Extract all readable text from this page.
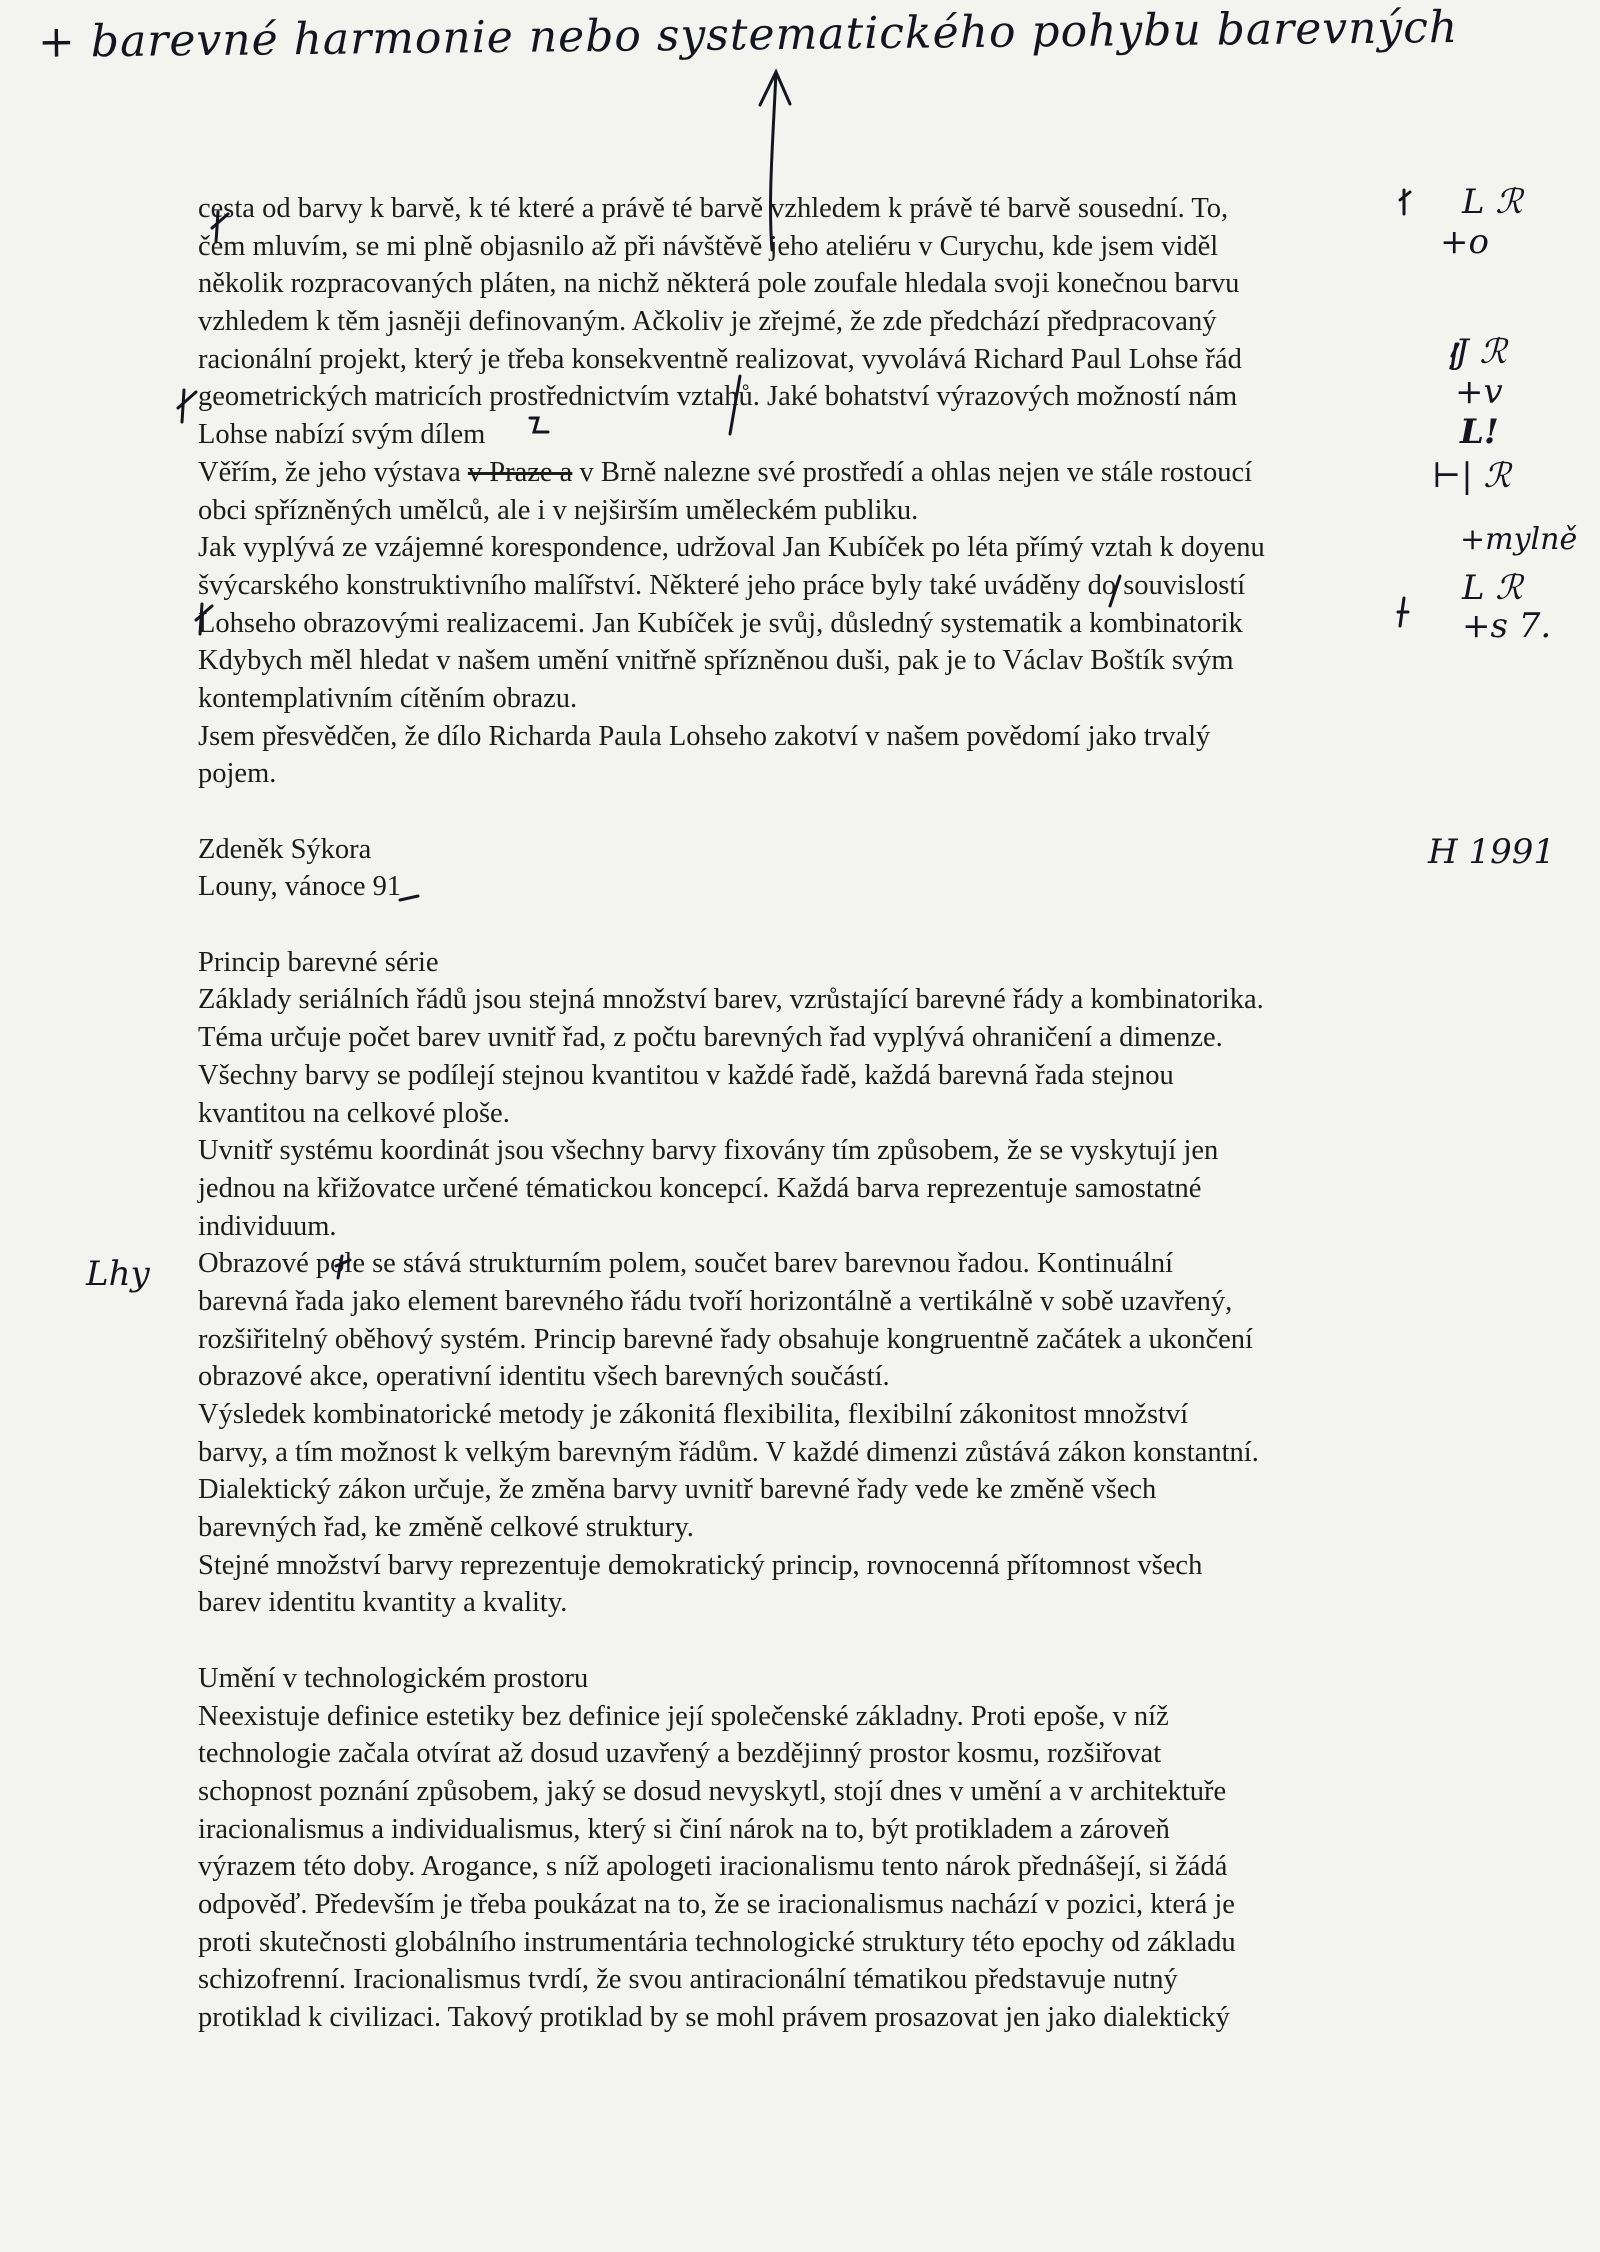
+ barevné harmonie nebo systematického pohybu barevných
cesta od barvy k barvě, k té které a právě té barvě vzhledem k právě té barvě sousední. To,
čem mluvím, se mi plně objasnilo až při návštěvě jeho ateliéru v Curychu, kde jsem viděl
několik rozpracovaných pláten, na nichž některá pole zoufale hledala svoji konečnou barvu
vzhledem k těm jasněji definovaným. Ačkoliv je zřejmé, že zde předchází předpracovaný
racionální projekt, který je třeba konsekventně realizovat, vyvolává Richard Paul Lohse řád
geometrických matricích prostřednictvím vztahů. Jaké bohatství výrazových možností nám
Lohse nabízí svým dílem
Věřím, že jeho výstava v Praze a v Brně nalezne své prostředí a ohlas nejen ve stále rostoucí
obci spřízněných umělců, ale i v nejširším uměleckém publiku.
Jak vyplývá ze vzájemné korespondence, udržoval Jan Kubíček po léta přímý vztah k doyenu
švýcarského konstruktivního malířství. Některé jeho práce byly také uváděny do souvislostí
Lohseho obrazovými realizacemi. Jan Kubíček je svůj, důsledný systematik a kombinatorik
Kdybych měl hledat v našem umění vnitřně spřízněnou duši, pak je to Václav Boštík svým
kontemplativním cítěním obrazu.
Jsem přesvědčen, že dílo Richarda Paula Lohseho zakotví v našem povědomí jako trvalý
pojem.
Zdeněk Sýkora
Louny, vánoce 91
Princip barevné série
Základy seriálních řádů jsou stejná množství barev, vzrůstající barevné řády a kombinatorika.
Téma určuje počet barev uvnitř řad, z počtu barevných řad vyplývá ohraničení a dimenze.
Všechny barvy se podílejí stejnou kvantitou v každé řadě, každá barevná řada stejnou
kvantitou na celkové ploše.
Uvnitř systému koordinát jsou všechny barvy fixovány tím způsobem, že se vyskytují jen
jednou na křižovatce určené tématickou koncepcí. Každá barva reprezentuje samostatné
individuum.
Obrazové pole se stává strukturním polem, součet barev barevnou řadou. Kontinuální
barevná řada jako element barevného řádu tvoří horizontálně a vertikálně v sobě uzavřený,
rozšiřitelný oběhový systém. Princip barevné řady obsahuje kongruentně začátek a ukončení
obrazové akce, operativní identitu všech barevných součástí.
Výsledek kombinatorické metody je zákonitá flexibilita, flexibilní zákonitost množství
barvy, a tím možnost k velkým barevným řádům. V každé dimenzi zůstává zákon konstantní.
Dialektický zákon určuje, že změna barvy uvnitř barevné řady vede ke změně všech
barevných řad, ke změně celkové struktury.
Stejné množství barvy reprezentuje demokratický princip, rovnocenná přítomnost všech
barev identitu kvantity a kvality.
Umění v technologickém prostoru
Neexistuje definice estetiky bez definice její společenské základny. Proti epoše, v níž
technologie začala otvírat až dosud uzavřený a bezdějinný prostor kosmu, rozšiřovat
schopnost poznání způsobem, jaký se dosud nevyskytl, stojí dnes v umění a v architektuře
iracionalismus a individualismus, který si činí nárok na to, být protikladem a zároveň
výrazem této doby. Arogance, s níž apologeti iracionalismu tento nárok přednášejí, si žádá
odpověď. Především je třeba poukázat na to, že se iracionalismus nachází v pozici, která je
proti skutečnosti globálního instrumentária technologické struktury této epochy od základu
schizofrenní. Iracionalismus tvrdí, že svou antiracionální tématikou představuje nutný
protiklad k civilizaci. Takový protiklad by se mohl právem prosazovat jen jako dialektický
L ℛ
+o
J ℛ
+v
L!
⊢| ℛ
+mylně
L ℛ
+s 7.
H 1991
Lhy
